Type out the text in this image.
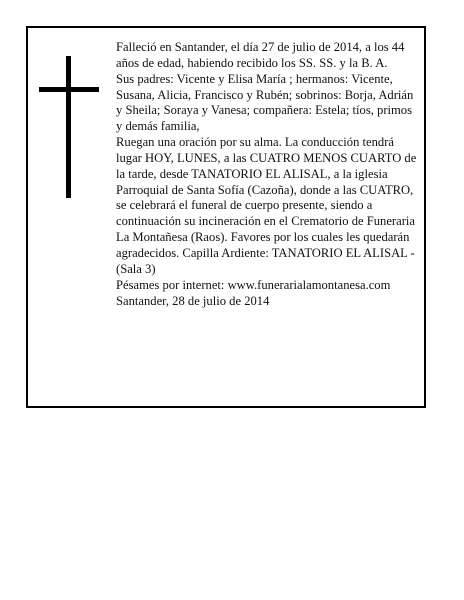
Falleció en Santander, el día 27 de julio de 2014, a los 44 años de edad, habiendo recibido los SS. SS. y la B. A.

Sus padres: Vicente y Elisa María ; hermanos: Vicente, Susana, Alicia, Francisco y Rubén; sobrinos: Borja, Adrián y Sheila; Soraya y Vanesa; compañera: Estela; tíos, primos y demás familia,

Ruegan una oración por su alma. La conducción tendrá lugar HOY, LUNES, a las CUATRO MENOS CUARTO de la tarde, desde TANATORIO EL ALISAL, a la iglesia Parroquial de Santa Sofía (Cazoña), donde a las CUATRO, se celebrará el funeral de cuerpo presente, siendo a continuación su incineración en el Crematorio de Funeraria La Montañesa (Raos). Favores por los cuales les quedarán agradecidos. Capilla Ardiente: TANATORIO EL ALISAL - (Sala 3)

Pésames por internet: www.funerarialamontanesa.com

Santander, 28 de julio de 2014
